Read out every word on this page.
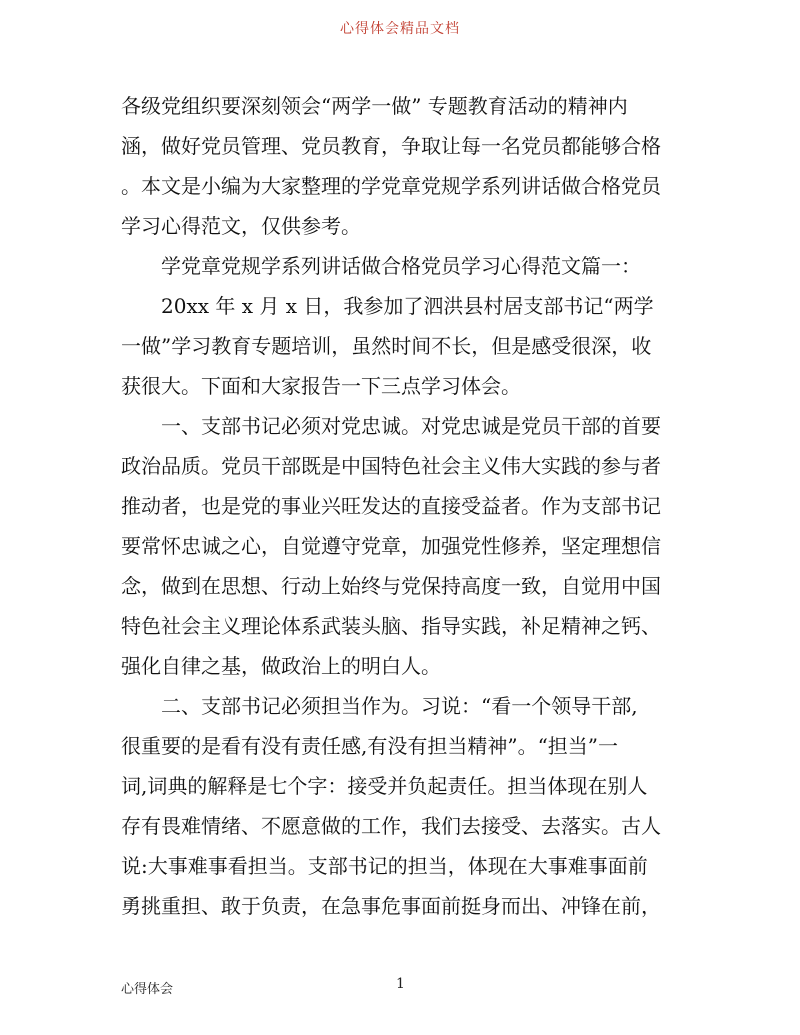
心得体会精品文档
各级党组织要深刻领会“两学一做” 专题教育活动的精神内
涵，做好党员管理、党员教育，争取让每一名党员都能够合格
。本文是小编为大家整理的学党章党规学系列讲话做合格党员
学习心得范文，仅供参考。
学党章党规学系列讲话做合格党员学习心得范文篇一：
20xx 年 x 月 x 日，我参加了泗洪县村居支部书记“两学
一做”学习教育专题培训，虽然时间不长，但是感受很深，收
获很大。下面和大家报告一下三点学习体会。
一、支部书记必须对党忠诚。对党忠诚是党员干部的首要
政治品质。党员干部既是中国特色社会主义伟大实践的参与者
推动者，也是党的事业兴旺发达的直接受益者。作为支部书记
要常怀忠诚之心，自觉遵守党章，加强党性修养，坚定理想信
念，做到在思想、行动上始终与党保持高度一致，自觉用中国
特色社会主义理论体系武装头脑、指导实践，补足精神之钙、
强化自律之基，做政治上的明白人。
二、支部书记必须担当作为。习说：“看一个领导干部,
很重要的是看有没有责任感,有没有担当精神”。“担当”一
词,词典的解释是七个字：接受并负起责任。担当体现在别人
存有畏难情绪、不愿意做的工作，我们去接受、去落实。古人
说:大事难事看担当。支部书记的担当，体现在大事难事面前
勇挑重担、敢于负责，在急事危事面前挺身而出、冲锋在前，
心得体会	1
